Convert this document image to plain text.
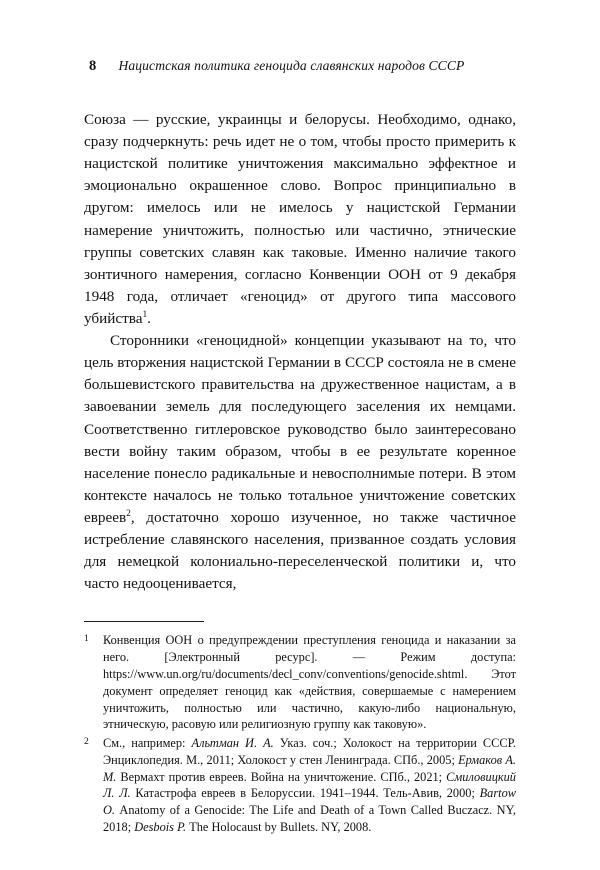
8 Нацистская политика геноцида славянских народов СССР

Союза — русские, украинцы и белорусы. Необходимо, однако, сразу подчеркнуть: речь идет не о том, чтобы просто примерить к нацистской политике уничтожения максимально эффектное и эмоционально окрашенное слово. Вопрос принципиально в другом: имелось или не имелось у нацистской Германии намерение уничтожить, полностью или частично, этнические группы советских славян как таковые. Именно наличие такого зонтичного намерения, согласно Конвенции ООН от 9 декабря 1948 года, отличает «геноцид» от другого типа массового убийства$^1$.

Сторонники «геноцидной» концепции указывают на то, что цель вторжения нацистской Германии в СССР состояла не в смене большевистского правительства на дружественное нацистам, а в завоевании земель для последующего заселения их немцами. Соответственно гитлеровское руководство было заинтересовано вести войну таким образом, чтобы в ее результате коренное население понесло радикальные и невосполнимые потери. В этом контексте началось не только тотальное уничтожение советских евреев$^2$, достаточно хорошо изученное, но также частичное истребление славянского населения, призванное создать условия для немецкой колониально-переселенческой политики и, что часто недооценивается,

1	Конвенция ООН о предупреждении преступления геноцида и наказании за него. [Электронный ресурс]. — Режим доступа: https://www.un.org/ru/documents/decl_conv/conventions/genocide.shtml. Этот документ определяет геноцид как «действия, совершаемые с намерением уничтожить, полностью или частично, какую-либо национальную, этническую, расовую или религиозную группу как таковую».
2	См., например: Альтман И. А. Указ. соч.; Холокост на территории СССР. Энциклопедия. М., 2011; Холокост у стен Ленинграда. СПб., 2005; Ермаков А. М. Вермахт против евреев. Война на уничтожение. СПб., 2021; Смиловицкий Л. Л. Катастрофа евреев в Белоруссии. 1941–1944. Тель-Авив, 2000; Bartow O. Anatomy of a Genocide: The Life and Death of a Town Called Buczacz. NY, 2018; Desbois P. The Holocaust by Bullets. NY, 2008.
